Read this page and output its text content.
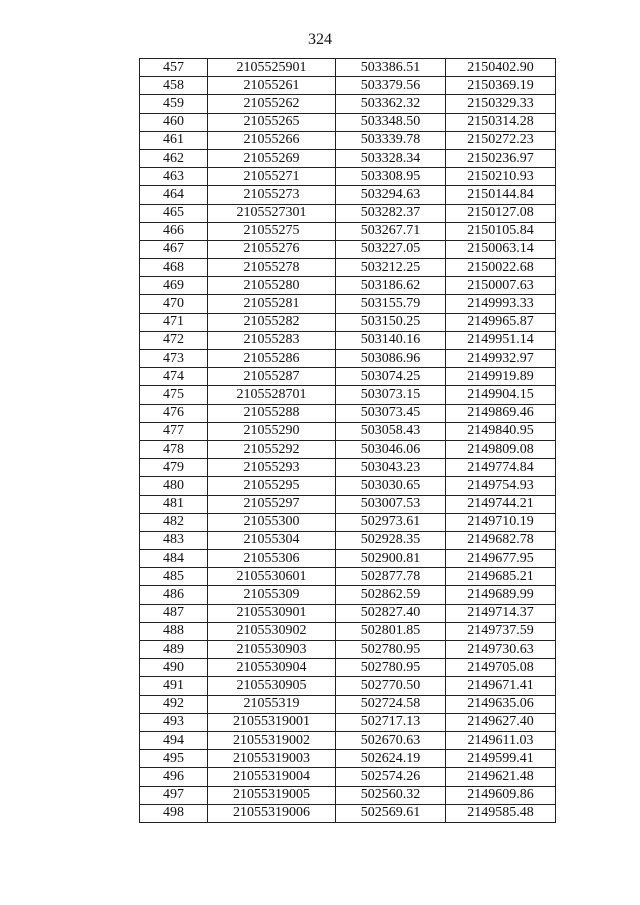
324
457	2105525901	503386.51	2150402.90
458	21055261	503379.56	2150369.19
459	21055262	503362.32	2150329.33
460	21055265	503348.50	2150314.28
461	21055266	503339.78	2150272.23
462	21055269	503328.34	2150236.97
463	21055271	503308.95	2150210.93
464	21055273	503294.63	2150144.84
465	2105527301	503282.37	2150127.08
466	21055275	503267.71	2150105.84
467	21055276	503227.05	2150063.14
468	21055278	503212.25	2150022.68
469	21055280	503186.62	2150007.63
470	21055281	503155.79	2149993.33
471	21055282	503150.25	2149965.87
472	21055283	503140.16	2149951.14
473	21055286	503086.96	2149932.97
474	21055287	503074.25	2149919.89
475	2105528701	503073.15	2149904.15
476	21055288	503073.45	2149869.46
477	21055290	503058.43	2149840.95
478	21055292	503046.06	2149809.08
479	21055293	503043.23	2149774.84
480	21055295	503030.65	2149754.93
481	21055297	503007.53	2149744.21
482	21055300	502973.61	2149710.19
483	21055304	502928.35	2149682.78
484	21055306	502900.81	2149677.95
485	2105530601	502877.78	2149685.21
486	21055309	502862.59	2149689.99
487	2105530901	502827.40	2149714.37
488	2105530902	502801.85	2149737.59
489	2105530903	502780.95	2149730.63
490	2105530904	502780.95	2149705.08
491	2105530905	502770.50	2149671.41
492	21055319	502724.58	2149635.06
493	21055319001	502717.13	2149627.40
494	21055319002	502670.63	2149611.03
495	21055319003	502624.19	2149599.41
496	21055319004	502574.26	2149621.48
497	21055319005	502560.32	2149609.86
498	21055319006	502569.61	2149585.48
